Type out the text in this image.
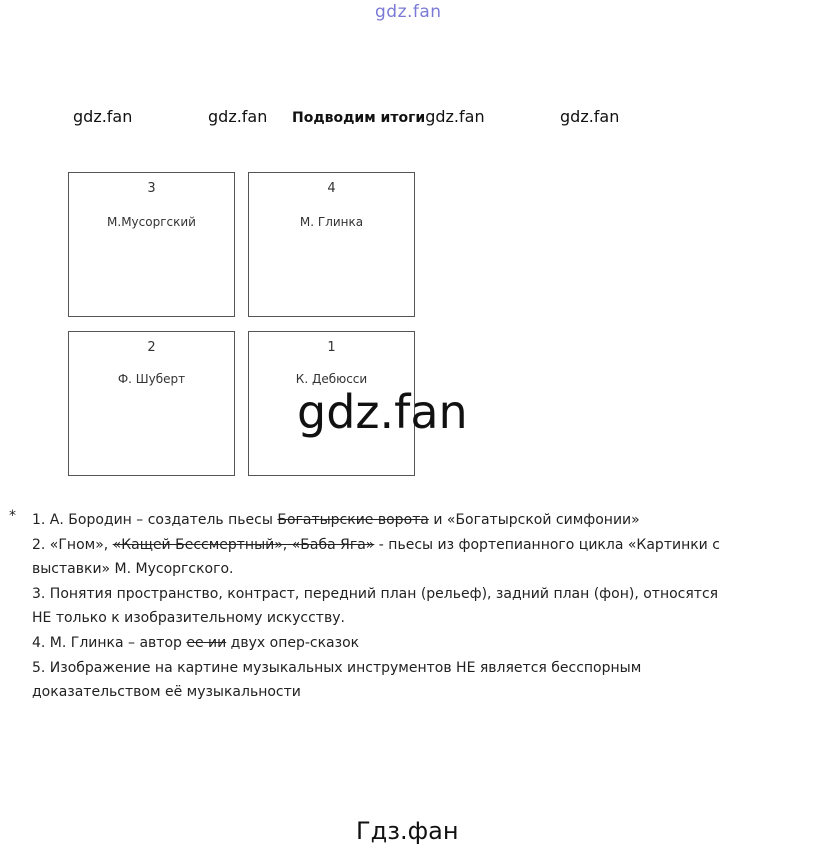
gdz.fan
gdz.fan	gdz.fan Подводим итогиgdz.fan	gdz.fan
3
М.Мусоргский
4
М. Глинка
2
Ф. Шуберт
1
К. Дебюсси
gdz.fan
* 1. А. Бородин – создатель пьесы Богатырские ворота и «Богатырской симфонии»
2. «Гном», «Кащей Бессмертный», «Баба Яга» - пьесы из фортепианного цикла «Картинки с
выставки» М. Мусоргского.
3. Понятия пространство, контраст, передний план (рельеф), задний план (фон), относятся
НЕ только к изобразительному искусству.
4. М. Глинка – автор ее ии двух опер-сказок
5. Изображение на картине музыкальных инструментов НЕ является бесспорным
доказательством её музыкальности
Гдз.фан
